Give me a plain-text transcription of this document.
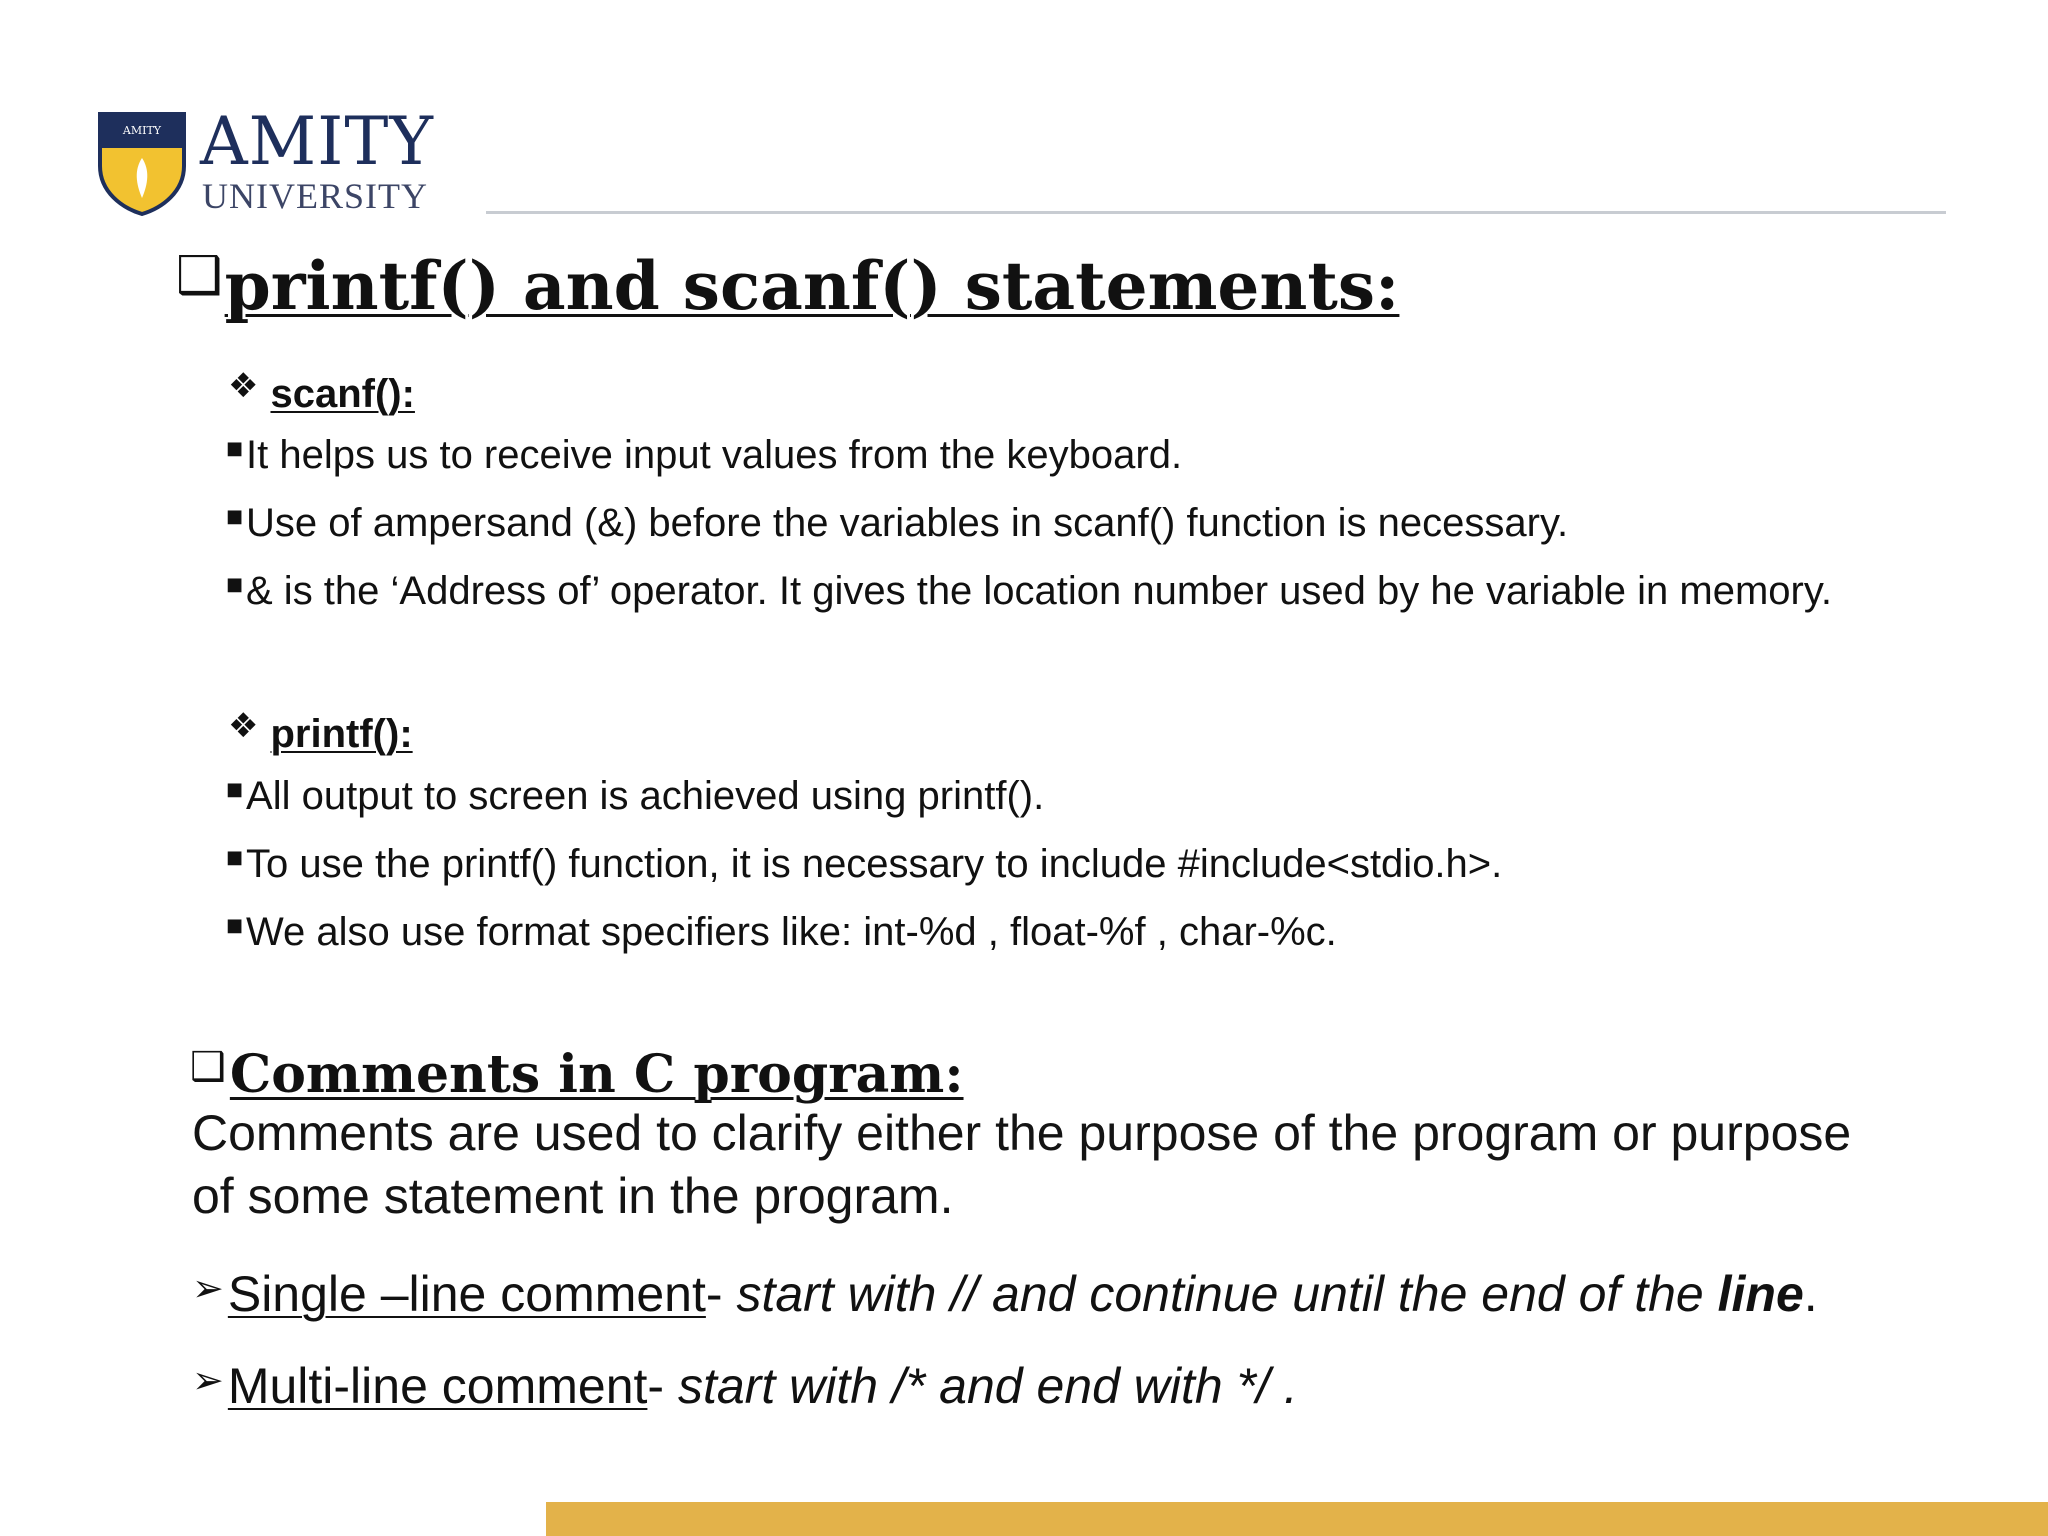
AMITY AMITY
UNIVERSITY
❑printf() and scanf() statements:
❖ scanf():
■It helps us to receive input values from the keyboard.
■Use of ampersand (&) before the variables in scanf() function is necessary.
■& is the ‘Address of’ operator. It gives the location number used by he variable in memory.
❖ printf():
■All output to screen is achieved using printf().
■To use the printf() function, it is necessary to include #include<stdio.h>.
■We also use format specifiers like: int-%d , float-%f , char-%c.
❑Comments in C program:
Comments are used to clarify either the purpose of the program or purpose of some statement in the program.
➢Single –line comment- start with // and continue until the end of the line.
➢Multi-line comment- start with /* and end with */ .
